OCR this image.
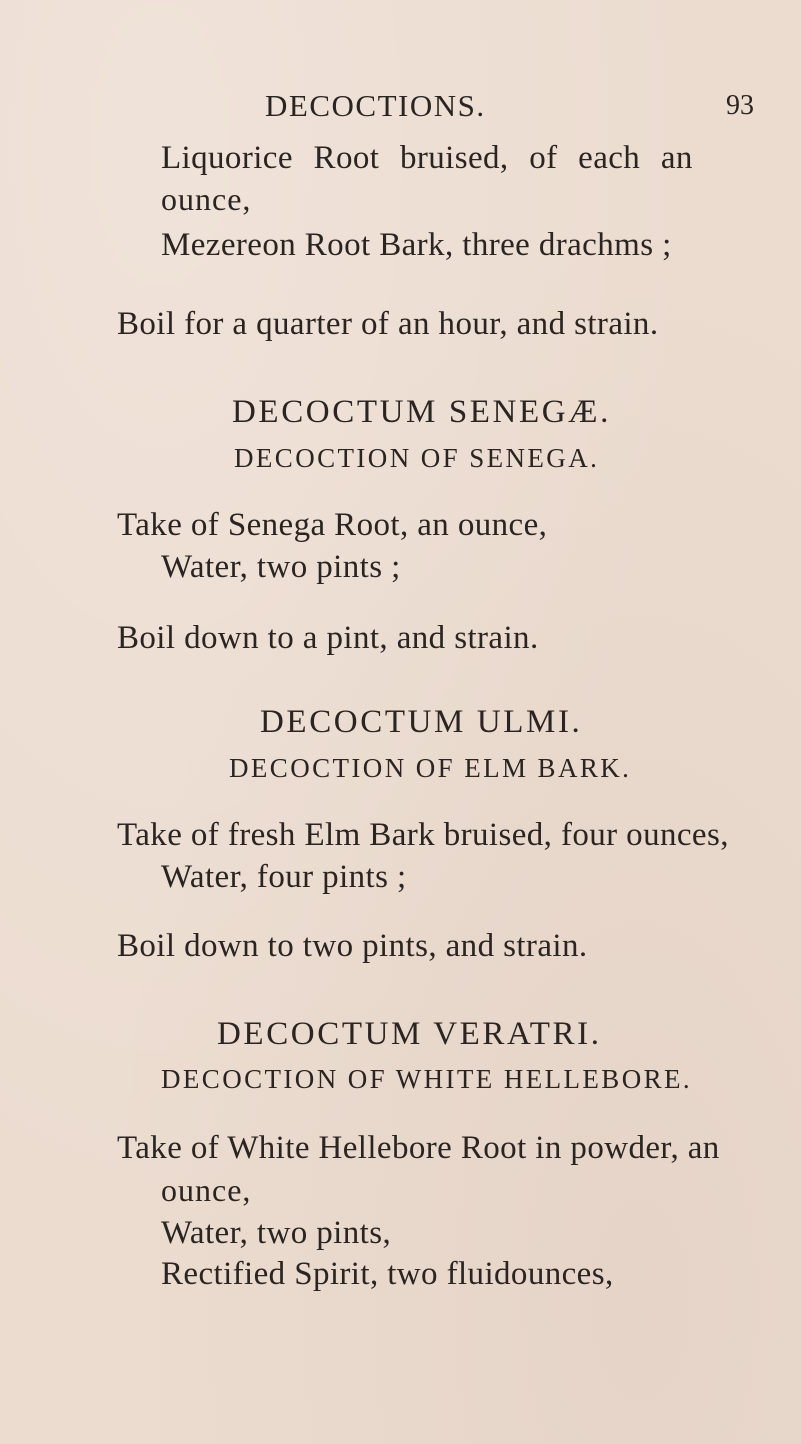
DECOCTIONS.	93
Liquorice Root bruised, of each an
ounce,
Mezereon Root Bark, three drachms ;
Boil for a quarter of an hour, and strain.
DECOCTUM SENEGÆ.
DECOCTION OF SENEGA.
Take of Senega Root, an ounce,
Water, two pints ;
Boil down to a pint, and strain.
DECOCTUM ULMI.
DECOCTION OF ELM BARK.
Take of fresh Elm Bark bruised, four ounces,
Water, four pints ;
Boil down to two pints, and strain.
DECOCTUM VERATRI.
DECOCTION OF WHITE HELLEBORE.
Take of White Hellebore Root in powder, an
ounce,
Water, two pints,
Rectified Spirit, two fluidounces,
